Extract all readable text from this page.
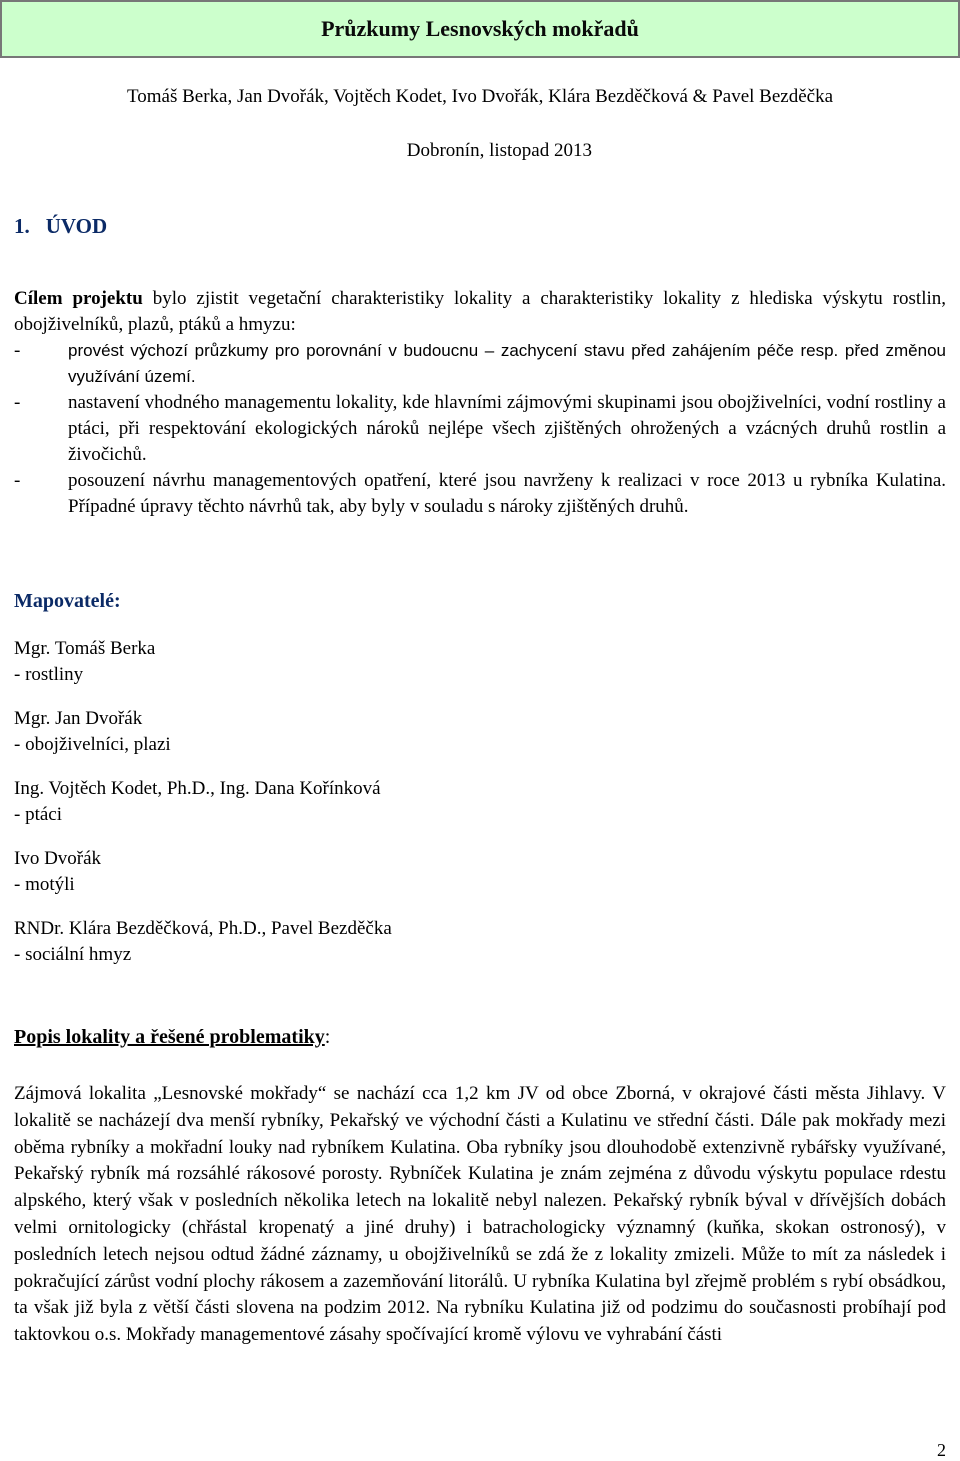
Průzkumy Lesnovských mokřadů
Tomáš Berka, Jan Dvořák, Vojtěch Kodet, Ivo Dvořák, Klára Bezděčková & Pavel Bezděčka
Dobronín, listopad 2013
1. ÚVOD
Cílem projektu bylo zjistit vegetační charakteristiky lokality a charakteristiky lokality z hlediska výskytu rostlin, obojživelníků, plazů, ptáků a hmyzu:
-	provést výchozí průzkumy pro porovnání v budoucnu – zachycení stavu před zahájením péče resp. před změnou využívání území.
-	nastavení vhodného managementu lokality, kde hlavními zájmovými skupinami jsou obojživelníci, vodní rostliny a ptáci, při respektování ekologických nároků nejlépe všech zjištěných ohrožených a vzácných druhů rostlin a živočichů.
-	posouzení návrhu managementových opatření, které jsou navrženy k realizaci v roce 2013 u rybníka Kulatina. Případné úpravy těchto návrhů tak, aby byly v souladu s nároky zjištěných druhů.
Mapovatelé:
Mgr. Tomáš Berka
- rostliny
Mgr. Jan Dvořák
- obojživelníci, plazi
Ing. Vojtěch Kodet, Ph.D., Ing. Dana Kořínková
- ptáci
Ivo Dvořák
- motýli
RNDr. Klára Bezděčková, Ph.D., Pavel Bezděčka
- sociální hmyz
Popis lokality a řešené problematiky:
Zájmová lokalita „Lesnovské mokřady“ se nachází cca 1,2 km JV od obce Zborná, v okrajové části města Jihlavy. V lokalitě se nacházejí dva menší rybníky, Pekařský ve východní části a Kulatinu ve střední části. Dále pak mokřady mezi oběma rybníky a mokřadní louky nad rybníkem Kulatina. Oba rybníky jsou dlouhodobě extenzivně rybářsky využívané, Pekařský rybník má rozsáhlé rákosové porosty. Rybníček Kulatina je znám zejména z důvodu výskytu populace rdestu alpského, který však v posledních několika letech na lokalitě nebyl nalezen. Pekařský rybník býval v dřívějších dobách velmi ornitologicky (chřástal kropenatý a jiné druhy) i batrachologicky významný (kuňka, skokan ostronosý), v posledních letech nejsou odtud žádné záznamy, u obojživelníků se zdá že z lokality zmizeli. Může to mít za následek i pokračující zárůst vodní plochy rákosem a zazemňování litorálů. U rybníka Kulatina byl zřejmě problém s rybí obsádkou, ta však již byla z větší části slovena na podzim 2012. Na rybníku Kulatina již od podzimu do současnosti probíhají pod taktovkou o.s. Mokřady managementové zásahy spočívající kromě výlovu ve vyhrabání části
2
